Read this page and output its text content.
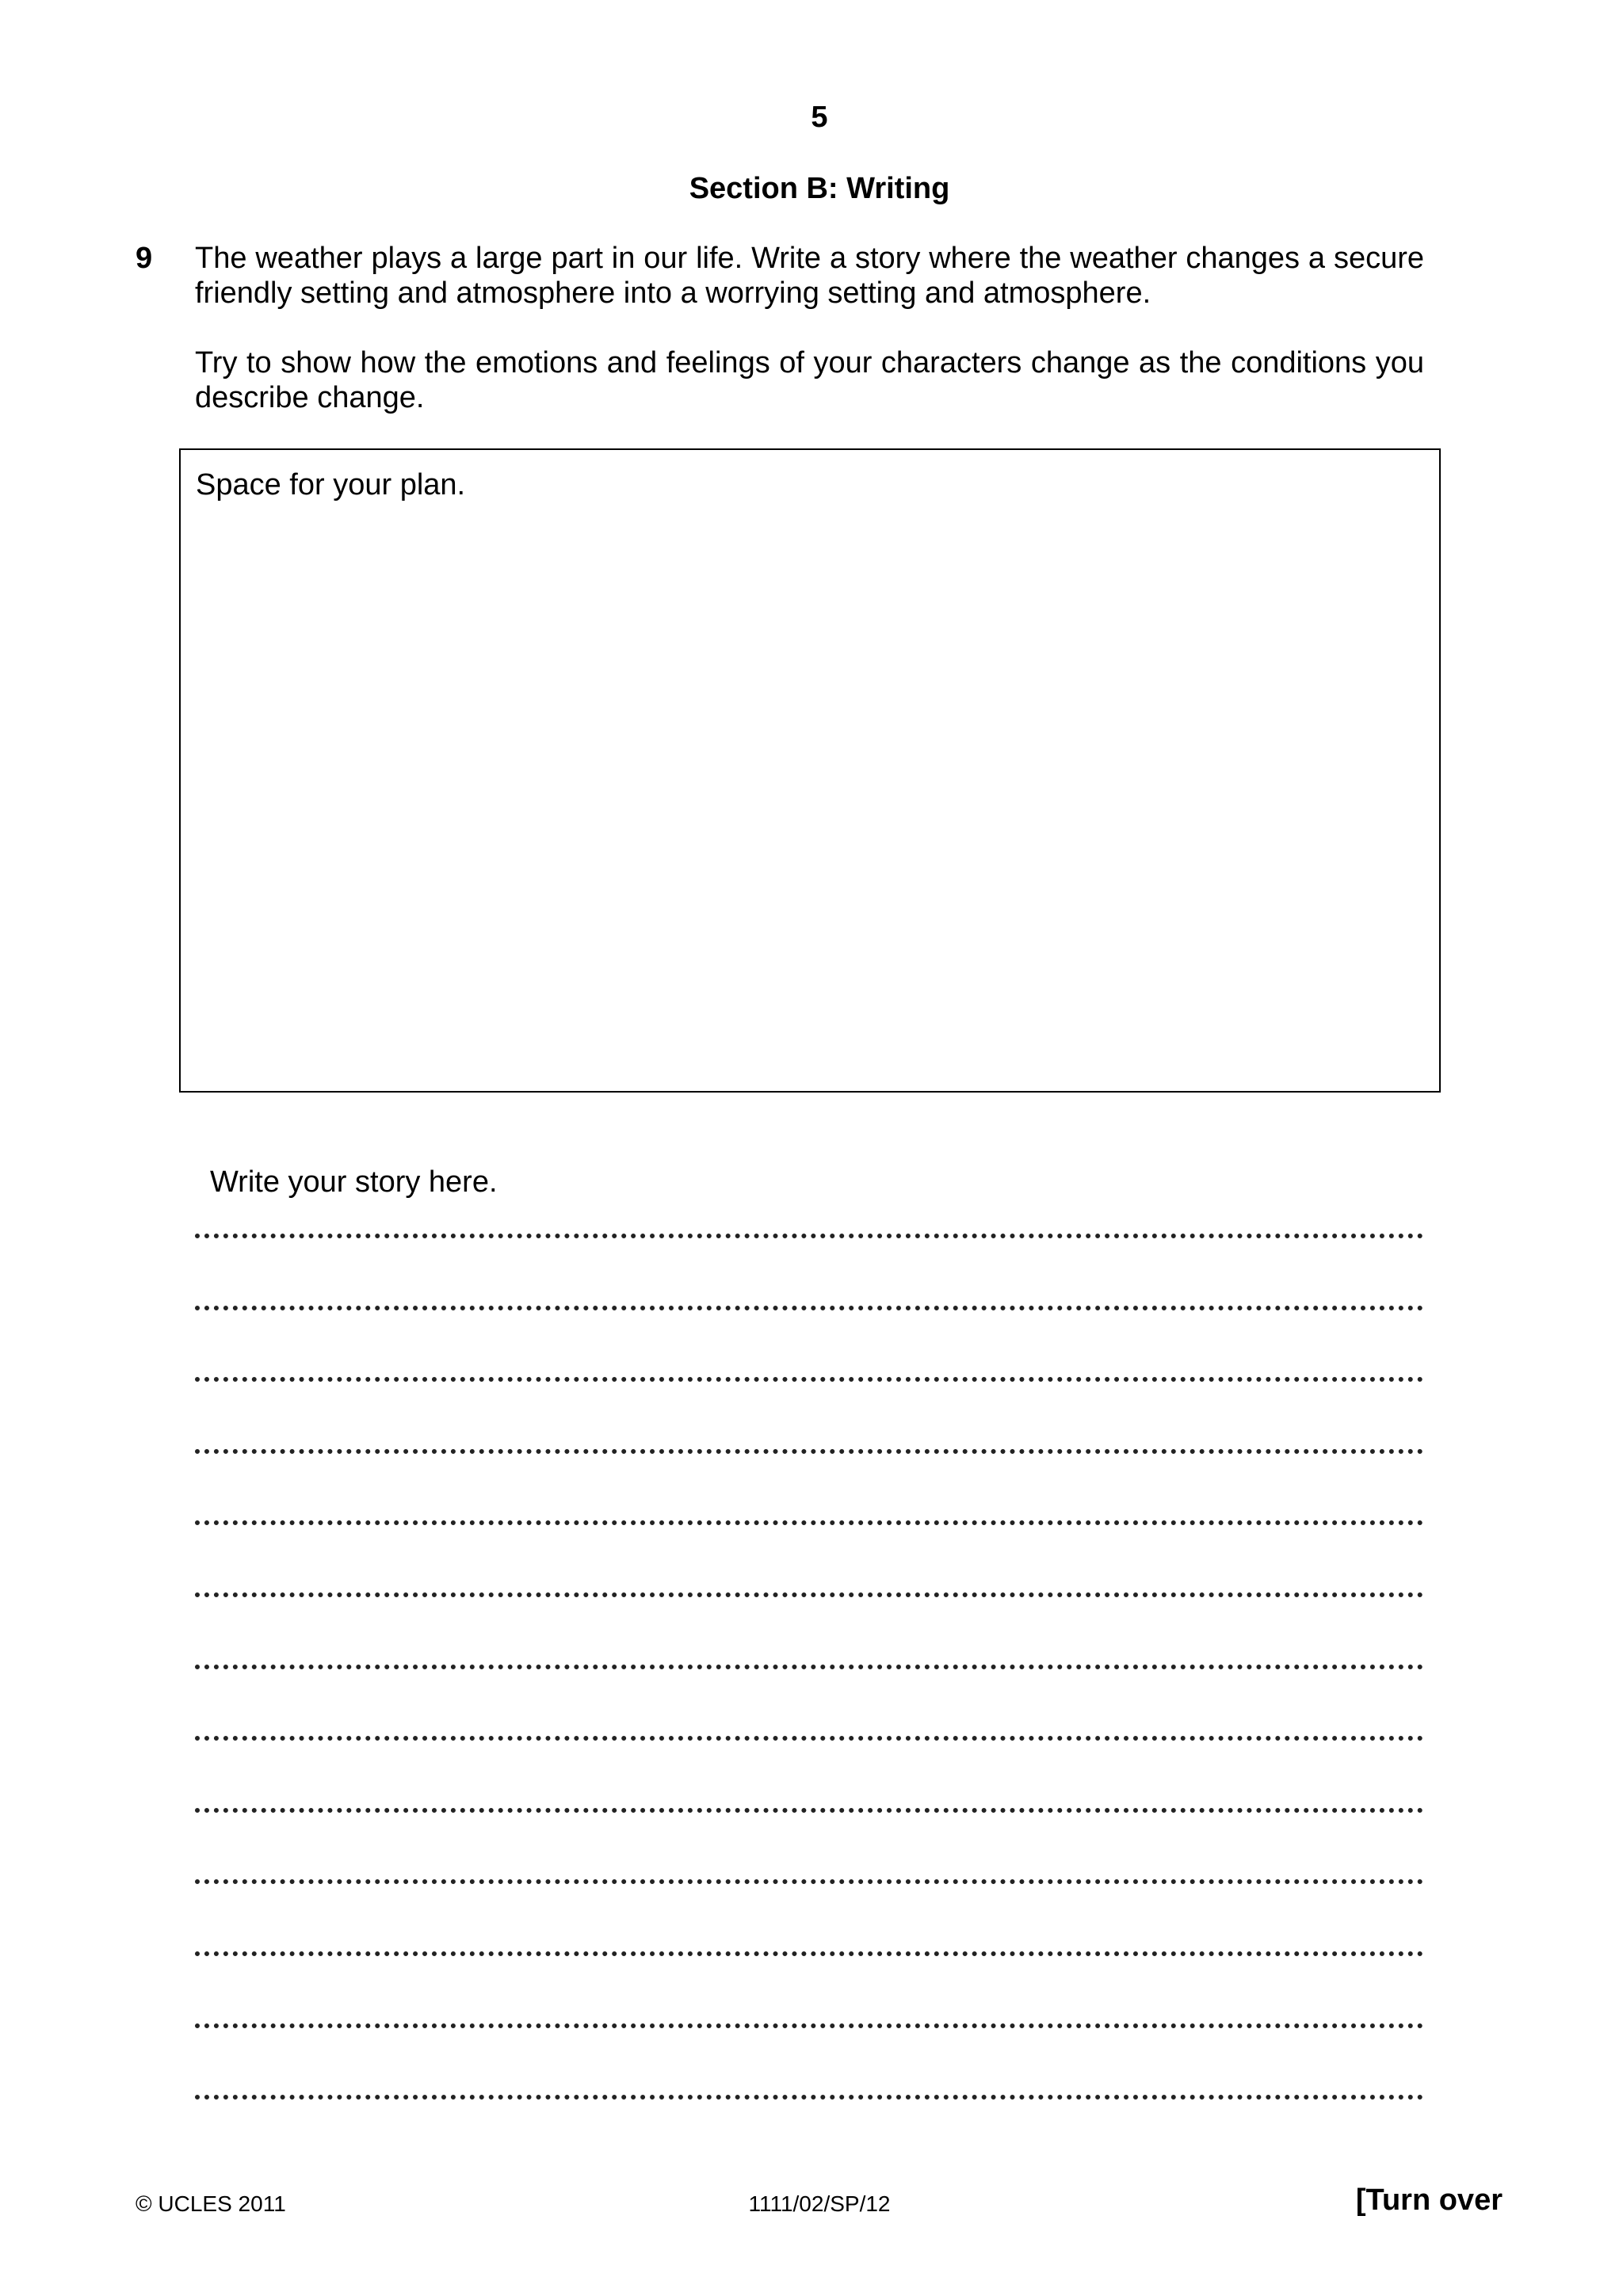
5
Section B: Writing
9 The weather plays a large part in our life. Write a story where the weather changes a secure friendly setting and atmosphere into a worrying setting and atmosphere.
Try to show how the emotions and feelings of your characters change as the conditions you describe change.
Space for your plan.
Write your story here.
© UCLES 2011	1111/02/SP/12	[Turn over
